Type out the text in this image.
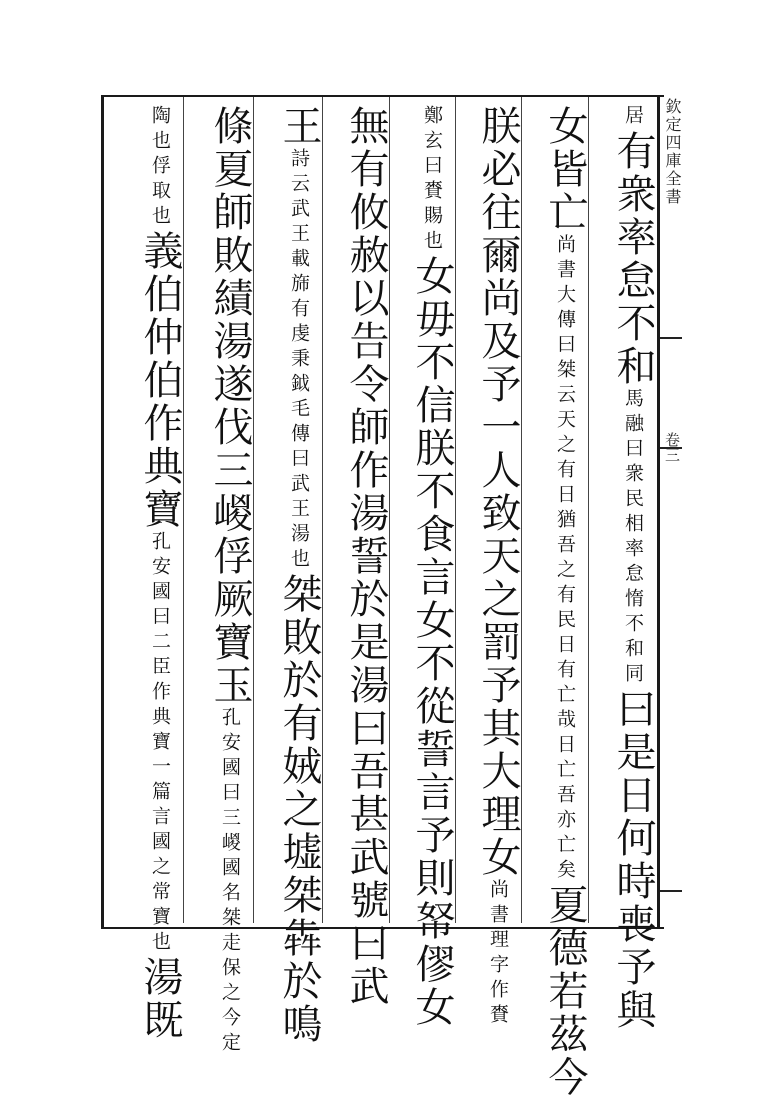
欽定四庫全書
卷三
居有衆率怠不和馬融曰衆民相率怠惰不和同曰是日何時喪予與
女皆亡尚書大傳曰桀云天之有日猶吾之有民日有亡哉日亡吾亦亡矣夏德若茲今
朕必往爾尚及予一人致天之罰予其大理女尚書理字作賚
鄭玄曰賚賜也女毋不信朕不食言女不從誓言予則帑僇女
無有攸赦以告令師作湯誓於是湯曰吾甚武號曰武
王詩云武王載旆有虔秉鉞毛傳曰武王湯也桀敗於有娀之墟桀犇於鳴
條夏師敗績湯遂伐三嵕俘厥寶玉孔安國曰三嵕國名桀走保之今定
陶也俘取也義伯仲伯作典寶孔安國曰二臣作典寶一篇言國之常寶也湯既
